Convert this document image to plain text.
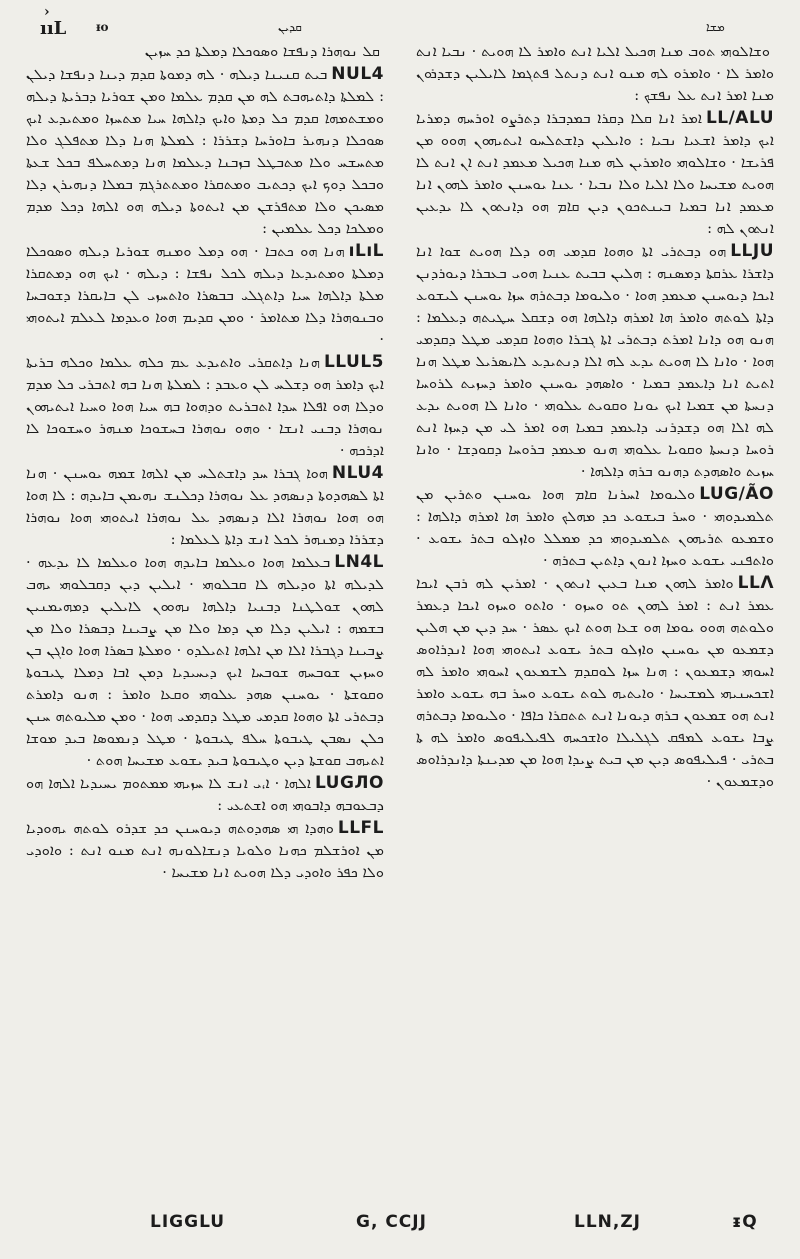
›
ııL ᵻo	ܩܕܝܢ	ܡܫܐ

ܩܠ ܢܘܗܪܐ ܕܢܦܫܐ ܘܣܘܟܠܐ ܕܡܠܬܐ ܟܕ ܚܙܝܢ

NUL4ܒܝܬ ܩܢܝܢܐ ܕܝܠܗ · ܠܗ ܕܡܘܬܐ ܩܕܡ ܕܝܢܐ ܕܢܦܫܐ ܕܝܠܢ : ܠܡܠܬܐ ܕܐܬܝܗܒܬ ܠܗ ܡܢ ܩܕܡ ܥܠܡܐ ܘܡܢ ܫܘܪܝܐ ܕܒܪܝܬܐ ܕܝܠܗ ܘܡܫܬܡܗܐ ܩܕܡ ܟܠ ܕܡܬܐ ܘܐܝܟ ܕܐܠܗܐ ܚܝܐ ܡܬܚܙܐ ܘܡܬܝܕܥ ܐܝܟ ܣܘܟܠܐ ܕܢܗܝܪ ܒܐܘܪܚܐ ܕܫܪܪܐ : ܠܡܠܬܐ ܗܢܐ ܕܠܐ ܡܬܦܠܓ ܘܠܐ ܡܬܚܫܚ ܘܠܐ ܡܬܒܛܠ ܒܙܒܢܐ ܕܥܠܡܐ ܗܢܐ ܕܡܬܚܠܦ ܒܟܠ ܫܥܬܐ ܘܒܟܠ ܕܘܟ ܐܝܟ ܕܟܬܝܒ ܘܡܬܩܪܐ ܘܡܬܬܪܓܡ ܒܡܠܐ ܕܢܗܝܪܢ ܕܠܐ ܡܣܝܟܢ ܘܠܐ ܡܬܦܪܫܢ ܡܢ ܐܝܬܘܬܐ ܕܝܠܗ ܗܘ ܐܠܗܐ ܕܟܠ ܡܕܡ ܘܡܠܟܐ ܕܟܠ ܥܠܡܝܢ :

ıLıLܗܢܐ ܗܘ ܟܬܒܐ · ܗܘ ܕܡܠ ܘܡܢܗ ܫܘܪܝܐ ܕܝܠܗ ܘܣܘܟܠܐ ܕܡܠܬܐ ܘܡܬܝܕܥܐ ܕܝܠܗ ܠܟܠ ܢܦܫܐ : ܕܝܠܗ · ܐܝܟ ܗܘ ܕܡܬܩܪܐ ܡܠܬܐ ܕܐܠܗܐ ܚܝܐ ܕܐܬܓܠܝ ܒܒܣܪܐ ܘܐܬܚܙܝ ܠܢ ܒܐܝܩܪܐ ܕܫܘܒܚܐ ܘܒܢܘܗܪܐ ܕܠܐ ܡܬܐܡܪ · ܘܡܢ ܩܕܝܡ ܗܘܐ ܘܥܕܡܐ ܠܥܠܡ ܐܝܬܘܗܝ ·

LLUL5ܗܢܐ ܕܐܬܩܪܝ ܘܐܬܝܕܥ ܥܡ ܟܠܗ ܥܠܡܐ ܘܟܠܗ ܒܪܝܬܐ ܐܝܟ ܕܐܡܪ ܗܘ ܕܫܠܚ ܠܢ ܘܥܒܕ : ܠܡܠܬܐ ܗܢܐ ܒܗ ܐܬܒܪܝ ܟܠ ܡܕܡ ܘܕܠܐ ܗܘ ܐܦܠܐ ܚܕܐ ܐܬܒܪܝܬ ܘܕܗܘܐ ܒܗ ܚܝܐ ܗܘܐ ܘܚܝܐ ܐܝܬܝܗܘܢ ܢܘܗܪܐ ܕܒܢܝ ܐܢܫܐ · ܘܗܘ ܢܘܗܪܐ ܒܚܫܘܟܐ ܡܢܗܪ ܘܚܫܘܟܐ ܠܐ ܐܕܪܟܗ ·

NLU4ܗܘܐ ܓܒܪܐ ܚܕ ܕܐܫܬܠܚ ܡܢ ܐܠܗܐ ܫܡܗ ܝܘܚܢܢ · ܗܢܐ ܐܬܐ ܠܣܗܕܘܬܐ ܕܢܣܗܕ ܥܠ ܢܘܗܪܐ ܕܟܠܢܫ ܢܗܝܡܢ ܒܐܝܕܗ : ܠܐ ܗܘܐ ܗܘ ܗܘܐ ܢܘܗܪܐ ܐܠܐ ܕܢܣܗܕ ܥܠ ܢܘܗܪܐ ܐܝܬܘܗܝ ܗܘܐ ܢܘܗܪܐ ܕܫܪܪܐ ܕܡܢܗܪ ܠܟܠ ܐܢܫ ܕܐܬܐ ܠܥܠܡܐ :

LN4Lܒܥܠܡܐ ܗܘܐ ܘܥܠܡܐ ܒܐܝܕܗ ܗܘܐ ܘܥܠܡܐ ܠܐ ܝܕܥܗ · ܠܕܝܠܗ ܐܬܐ ܘܕܝܠܗ ܠܐ ܩܒܠܘܗܝ · ܐܝܠܝܢ ܕܝܢ ܕܩܒܠܘܗܝ ܝܗܒ ܠܗܘܢ ܫܘܠܛܢܐ ܕܒܢܝܐ ܕܐܠܗܐ ܢܗܘܘܢ ܠܐܝܠܝܢ ܕܡܗܝܡܢܝܢ ܒܫܡܗ : ܐܝܠܝܢ ܕܠܐ ܡܢ ܕܡܐ ܘܠܐ ܡܢ ܨܒܝܢܐ ܕܒܣܪܐ ܘܠܐ ܡܢ ܨܒܝܢܐ ܕܓܒܪܐ ܐܠܐ ܡܢ ܐܠܗܐ ܐܬܝܠܕܘ · ܘܡܠܬܐ ܒܣܪܐ ܗܘܐ ܘܐܓܢ ܒܢ ܘܚܙܝܢ ܫܘܒܚܗ ܫܘܒܚܐ ܐܝܟ ܕܝܚܝܕܝܐ ܕܡܢ ܐܒܐ ܕܡܠܐ ܛܝܒܘܬܐ ܘܩܘܫܬܐ · ܝܘܚܢܢ ܣܗܕ ܥܠܘܗܝ ܘܩܥܐ ܘܐܡܪ : ܗܢܘ ܕܐܡܪܬ ܕܒܬܪܝ ܐܬܐ ܘܗܘܐ ܩܕܡܝ ܡܛܠ ܕܩܕܡܝ ܗܘܐ · ܘܡܢ ܡܠܝܘܬܗ ܚܢܢ ܟܠܢ ܢܣܒܢ ܛܝܒܘܬܐ ܚܠܦ ܛܝܒܘܬܐ · ܡܛܠ ܕܢܡܘܣܐ ܒܝܕ ܡܘܫܐ ܐܬܝܗܒ ܩܘܫܬܐ ܕܝܢ ܘܛܝܒܘܬܐ ܒܝܕ ܝܫܘܥ ܡܫܝܚܐ ܗܘܬ ·

LUGЛOܐܠܗܐ · ܐ،ܝ ܐܢܫ ܠܐ ܚܙܝܗܝ ܡܡܬܘܡ ܝܚܝܕܝܐ ܐܠܗܐ ܗܘ ܕܒܥܘܒܗ ܕܐܒܘܗܝ ܗܘ ܐܫܬܥܝ :

LLFLܘܗܕܐ ܗܝ ܣܗܕܘܬܗ ܕܝܘܚܢܢ ܟܕ ܫܕܪܘ ܠܘܬܗ ܝܗܘܕܝܐ ܡܢ ܐܘܪܫܠܡ ܟܗܢܐ ܘܠܘܝܐ ܕܢܫܐܠܘܢܗ ܐܢܬ ܡܢܘ ܐܢܬ : ܘܐܘܕܝ ܘܠܐ ܟܦܪ ܘܐܘܕܝ ܕܠܐ ܗܘܝܬ ܐܢܐ ܡܫܝܚܐ ·

ܘܫܐܠܘܗܝ ܬܘܒ ܡܢܐ ܗܟܝܠ ܐܠܝܐ ܐܢܬ ܘܐܡܪ ܠܐ ܗܘܝܬ · ܢܒܝܐ ܐܢܬ ܘܐܡܪ ܠܐ · ܘܐܡܪܘ ܠܗ ܡܢܘ ܐܢܬ ܕܢܬܠ ܦܬܓܡܐ ܠܐܝܠܝܢ ܕܫܕܪܘܢ ܡܢܐ ܐܡܪ ܐܢܬ ܥܠ ܢܦܫܟ :

LL/ALUܐܡܪ ܐܢܐ ܩܠܐ ܕܩܪܐ ܒܡܕܒܪܐ ܕܬܪܨܘ ܐܘܪܚܗ ܕܡܪܝܐ ܐܝܟ ܕܐܡܪ ܐܫܥܝܐ ܢܒܝܐ : ܘܐܝܠܝܢ ܕܐܫܬܠܚܘ ܐܝܬܝܗܘܢ ܗܘܘ ܡܢ ܦܪܝܫܐ · ܘܫܐܠܘܗܝ ܘܐܡܪܝܢ ܠܗ ܡܢܐ ܗܟܝܠ ܡܥܡܕ ܐܢܬ ܐܢ ܐܢܬ ܠܐ ܗܘܝܬ ܡܫܝܚܐ ܘܠܐ ܐܠܝܐ ܘܠܐ ܢܒܝܐ · ܥܢܐ ܝܘܚܢܢ ܘܐܡܪ ܠܗܘܢ ܐܢܐ ܡܥܡܕ ܐܢܐ ܒܡܝܐ ܒܝܢܬܟܘܢ ܕܝܢ ܩܐܡ ܗܘ ܕܐܢܬܘܢ ܠܐ ܝܕܥܝܢ ܐܢܬܘܢ ܠܗ :

LLJUܗܘ ܕܒܬܪܝ ܐܬܐ ܘܗܘܐ ܩܕܡܝ ܗܘ ܕܠܐ ܗܘܝܬ ܫܘܐ ܐܢܐ ܕܐܫܪܐ ܥܪܩܬܐ ܕܡܣܢܗ : ܗܠܝܢ ܒܒܝܬ ܥܢܝܐ ܗܘܝ ܒܥܒܪܐ ܕܝܘܪܕܢܢ ܐܝܟܐ ܕܝܘܚܢܢ ܡܥܡܕ ܗܘܐ · ܘܠܝܘܡܐ ܕܒܬܪܗ ܚܙܐ ܝܘܚܢܢ ܠܝܫܘܥ ܕܐܬܐ ܠܘܬܗ ܘܐܡܪ ܗܐ ܐܡܪܗ ܕܐܠܗܐ ܗܘ ܕܫܩܠ ܚܛܝܬܗ ܕܥܠܡܐ : ܗܢܘ ܗܘ ܕܐܢܐ ܐܡܪܬ ܕܒܬܪܝ ܐܬܐ ܓܒܪܐ ܘܗܘܐ ܩܕܡܝ ܡܛܠ ܕܩܕܡܝ ܗܘܐ · ܘܐܢܐ ܠܐ ܗܘܝܬ ܝܕܥ ܠܗ ܐܠܐ ܕܢܬܝܕܥ ܠܐܝܣܪܝܠ ܡܛܠ ܗܢܐ ܐܬܝܬ ܐܢܐ ܕܐܥܡܕ ܒܡܝܐ · ܘܐܣܗܕ ܝܘܚܢܢ ܘܐܡܪ ܕܚܙܝܬ ܠܪܘܚܐ ܕܢܚܬܐ ܡܢ ܫܡܝܐ ܐܝܟ ܝܘܢܐ ܘܩܘܝܬ ܥܠܘܗܝ · ܘܐܢܐ ܠܐ ܗܘܝܬ ܝܕܥ ܠܗ ܐܠܐ ܗܘ ܕܫܕܪܢܝ ܕܐܥܡܕ ܒܡܝܐ ܗܘ ܐܡܪ ܠܝ ܡܢ ܕܚܙܐ ܐܢܬ ܪܘܚܐ ܕܢܚܬܐ ܘܩܘܝܐ ܥܠܘܗܝ ܗܢܘ ܡܥܡܕ ܒܪܘܚܐ ܕܩܘܕܫܐ · ܘܐܢܐ ܚܙܝܬ ܘܐܣܗܕܬ ܕܗܢܘ ܒܪܗ ܕܐܠܗܐ ·

LUG/ÃOܘܠܝܘܡܐ ܐܚܪܢܐ ܩܐܡ ܗܘܐ ܝܘܚܢܢ ܘܬܪܝܢ ܡܢ ܬܠܡܝܕܘܗܝ · ܘܚܪ ܒܝܫܘܥ ܟܕ ܡܗܠܟ ܘܐܡܪ ܗܐ ܐܡܪܗ ܕܐܠܗܐ : ܘܫܡܥܘ ܬܪܝܗܘܢ ܬܠܡܝܕܘܗܝ ܟܕ ܡܡܠܠ ܘܐܙܠܘ ܒܬܪ ܝܫܘܥ · ܘܐܬܦܢܝ ܝܫܘܥ ܘܚܙܐ ܐܢܘܢ ܕܐܬܝܢ ܒܬܪܗ ·

LLɅܘܐܡܪ ܠܗܘܢ ܡܢܐ ܒܥܝܢ ܐܢܬܘܢ · ܐܡܪܝܢ ܠܗ ܪܒܢ ܐܝܟܐ ܥܡܪ ܐܢܬ : ܐܡܪ ܠܗܘܢ ܬܘ ܘܚܙܘ · ܘܐܬܘ ܘܚܙܘ ܐܝܟܐ ܕܥܡܪ ܘܠܘܬܗ ܗܘܘ ܝܘܡܐ ܗܘ ܫܥܐ ܗܘܬ ܐܝܟ ܥܣܪ · ܚܕ ܕܝܢ ܡܢ ܗܠܝܢ ܕܫܡܥܘ ܡܢ ܝܘܚܢܢ ܘܐܙܠܘ ܒܬܪ ܝܫܘܥ ܐܝܬܘܗܝ ܗܘܐ ܐܢܕܪܐܘܣ ܐܚܘܗܝ ܕܫܡܥܘܢ : ܗܢܐ ܚܙܐ ܠܘܩܕܡ ܠܫܡܥܘܢ ܐܚܘܗܝ ܘܐܡܪ ܠܗ ܐܫܟܚܢܝܗܝ ܠܡܫܝܚܐ · ܘܐܝܬܝܗ ܠܘܬ ܝܫܘܥ ܘܚܪ ܒܗ ܝܫܘܥ ܘܐܡܪ ܐܢܬ ܗܘ ܫܡܥܘܢ ܒܪܗ ܕܝܘܢܐ ܐܢܬ ܬܬܩܪܐ ܟܐܦܐ · ܘܠܝܘܡܐ ܕܒܬܪܗ ܨܒܐ ܝܫܘܥ ܠܡܦܩ ܠܓܠܝܠܐ ܘܐܫܟܚܗ ܠܦܝܠܝܦܘܣ ܘܐܡܪ ܠܗ ܬܐ ܒܬܪܝ · ܦܝܠܝܦܘܣ ܕܝܢ ܡܢ ܒܝܬ ܨܝܕܐ ܗܘܐ ܡܢ ܡܕܝܢܬܐ ܕܐܢܕܪܐܘܣ ܘܕܫܡܥܘܢ ·

LIGGLU	G, CCJJ	LLN,ZJ	ᵻQ
